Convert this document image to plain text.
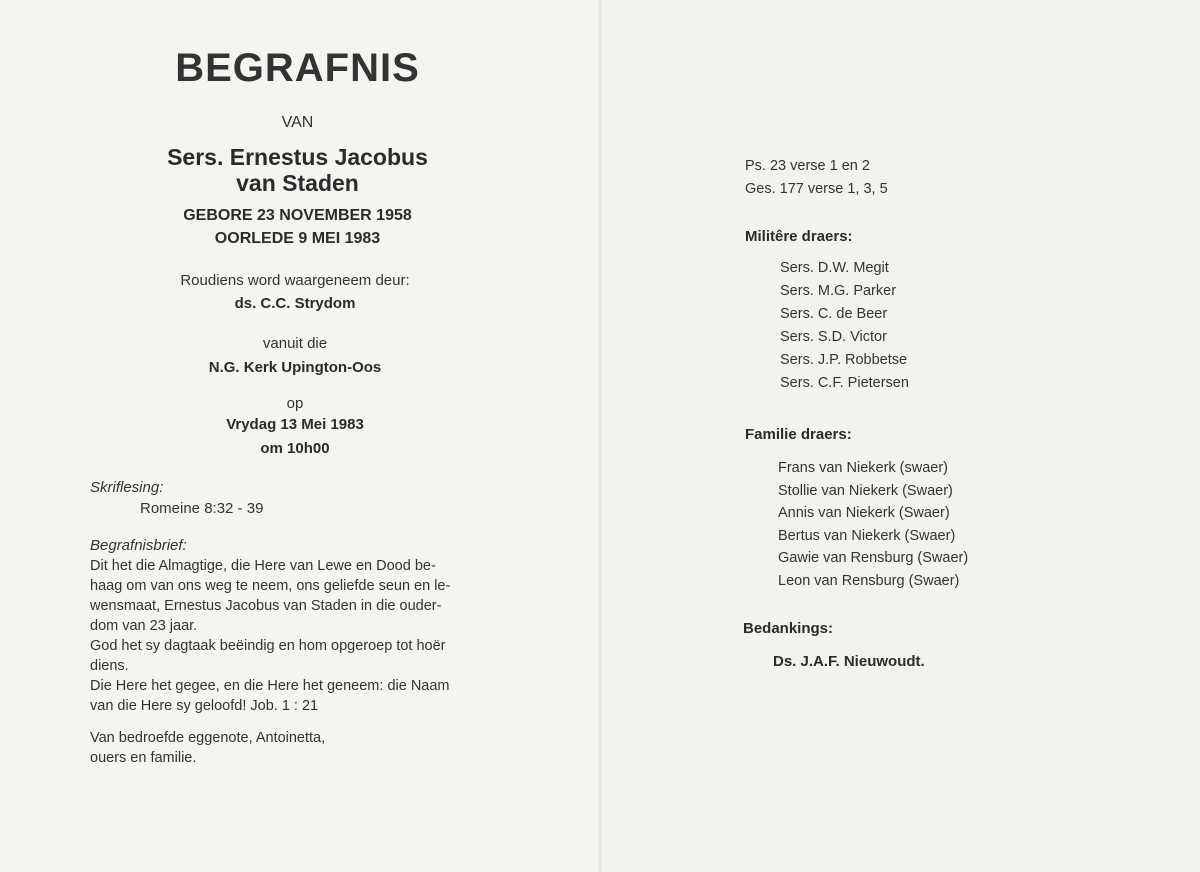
BEGRAFNIS
VAN
Sers. Ernestus Jacobus
van Staden
GEBORE 23 NOVEMBER 1958
OORLEDE 9 MEI 1983
Roudiens word waargeneem deur:
ds. C.C. Strydom
vanuit die
N.G. Kerk Upington-Oos
op
Vrydag 13 Mei 1983
om 10h00
Skriflesing:
Romeine 8:32 - 39
Begrafnisbrief:

Dit het die Almagtige, die Here van Lewe en Dood be-

haag om van ons weg te neem, ons geliefde seun en le-

wensmaat, Ernestus Jacobus van Staden in die ouder-

dom van 23 jaar.

God het sy dagtaak beëindig en hom opgeroep tot hoër

diens.

Die Here het gegee, en die Here het geneem: die Naam

van die Here sy geloofd! Job. 1 : 21

Van bedroefde eggenote, Antoinetta,
ouers en familie.
Ps. 23 verse 1 en 2
Ges. 177 verse 1, 3, 5
Militêre draers:
Sers. D.W. Megit
Sers. M.G. Parker
Sers. C. de Beer
Sers. S.D. Victor
Sers. J.P. Robbetse
Sers. C.F. Pietersen
Familie draers:
Frans van Niekerk (swaer)
Stollie van Niekerk (Swaer)
Annis van Niekerk (Swaer)
Bertus van Niekerk (Swaer)
Gawie van Rensburg (Swaer)
Leon van Rensburg (Swaer)
Bedankings:
Ds. J.A.F. Nieuwoudt.
